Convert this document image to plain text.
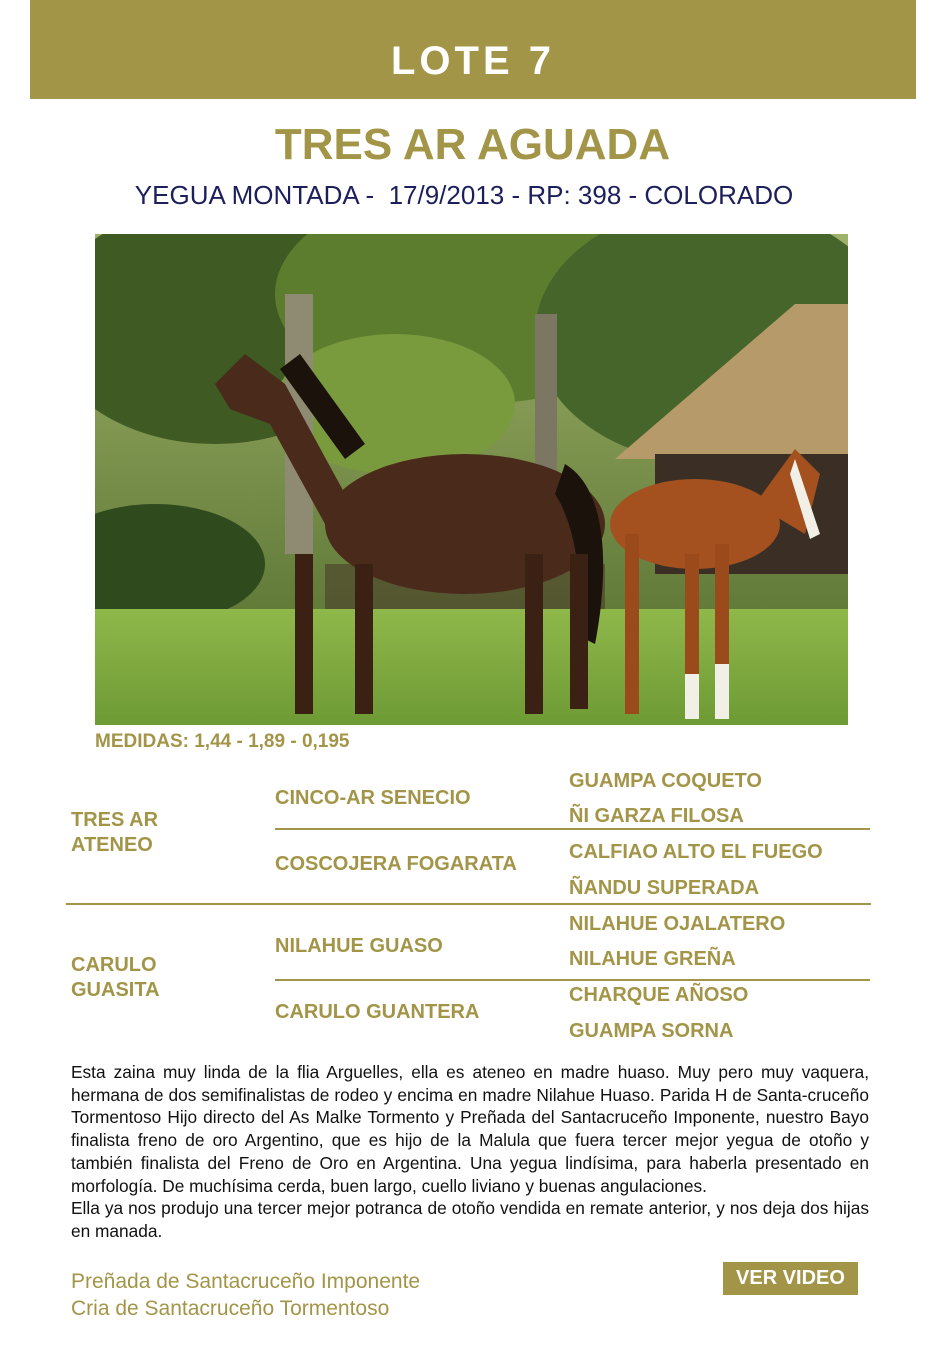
LOTE 7
TRES AR AGUADA
YEGUA MONTADA -  17/9/2013 - RP: 398 - COLORADO
MEDIDAS: 1,44 - 1,89 - 0,195
TRES AR
ATENEO
CINCO-AR SENECIO
GUAMPA COQUETO
ÑI GARZA FILOSA
COSCOJERA FOGARATA
CALFIAO ALTO EL FUEGO
ÑANDU SUPERADA
CARULO
GUASITA
NILAHUE GUASO
NILAHUE OJALATERO
NILAHUE GREÑA
CARULO GUANTERA
CHARQUE AÑOSO
GUAMPA SORNA

Esta zaina muy linda de la flia Arguelles, ella es ateneo en madre huaso. Muy pero muy vaquera, hermana de dos semifinalistas de rodeo y encima en madre Nilahue Huaso. Parida H de Santa-cruceño Tormentoso Hijo directo del As Malke Tormento y Preñada del Santacruceño Imponente, nuestro Bayo finalista freno de oro Argentino, que es hijo de la Malula que fuera tercer mejor yegua de otoño y también finalista del Freno de Oro en Argentina. Una yegua lindísima, para haberla presentado en morfología. De muchísima cerda, buen largo, cuello liviano y buenas angulaciones.

Ella ya nos produjo una tercer mejor potranca de otoño vendida en remate anterior, y nos deja dos hijas en manada.

Preñada de Santacruceño Imponente
Cria de Santacruceño Tormentoso
VER VIDEO
